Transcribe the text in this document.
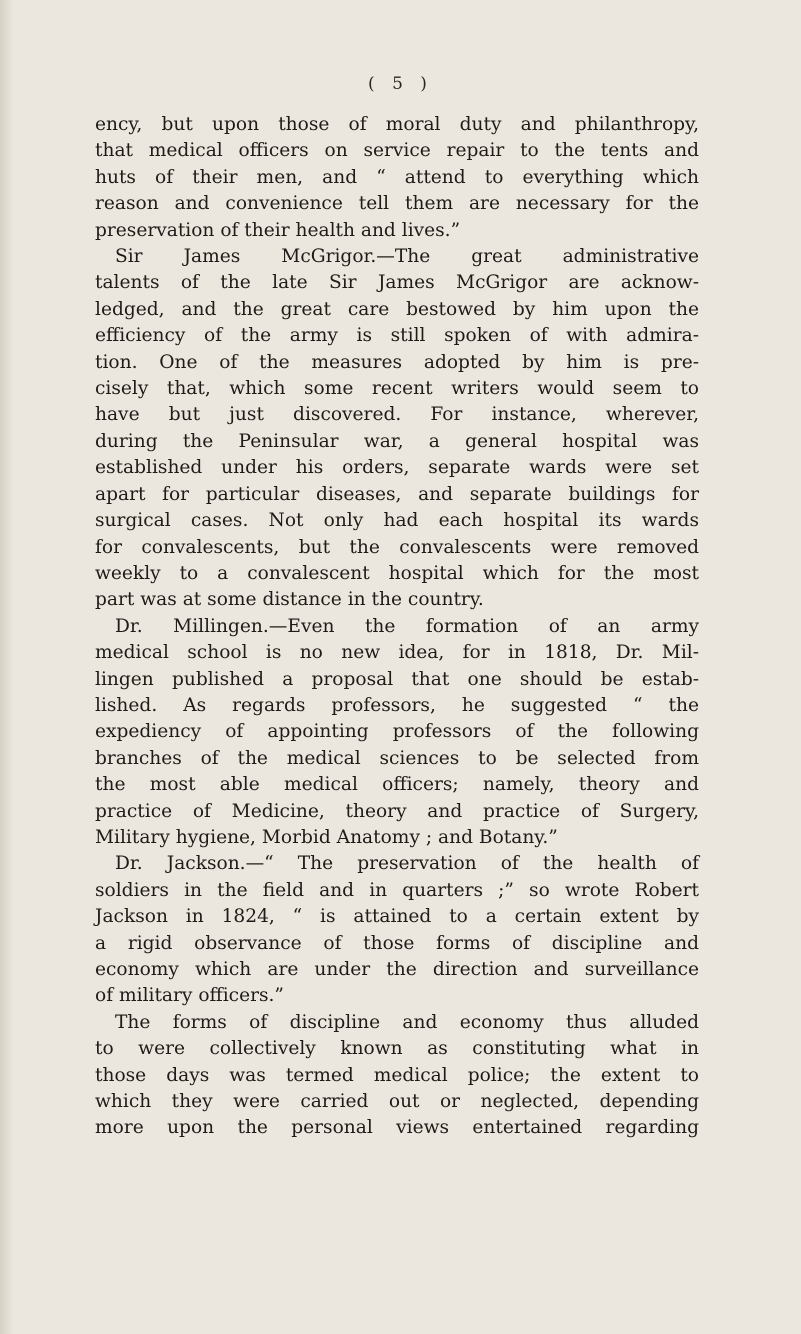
( 5 )
ency, but upon those of moral duty and philanthropy,
that medical officers on service repair to the tents and
huts of their men, and “ attend to everything which
reason and convenience tell them are necessary for the
preservation of their health and lives.”
Sir James McGrigor.—The great administrative
talents of the late Sir James McGrigor are acknow-
ledged, and the great care bestowed by him upon the
efficiency of the army is still spoken of with admira-
tion. One of the measures adopted by him is pre-
cisely that, which some recent writers would seem to
have but just discovered. For instance, wherever,
during the Peninsular war, a general hospital was
established under his orders, separate wards were set
apart for particular diseases, and separate buildings for
surgical cases. Not only had each hospital its wards
for convalescents, but the convalescents were removed
weekly to a convalescent hospital which for the most
part was at some distance in the country.
Dr. Millingen.—Even the formation of an army
medical school is no new idea, for in 1818, Dr. Mil-
lingen published a proposal that one should be estab-
lished. As regards professors, he suggested “ the
expediency of appointing professors of the following
branches of the medical sciences to be selected from
the most able medical officers; namely, theory and
practice of Medicine, theory and practice of Surgery,
Military hygiene, Morbid Anatomy ; and Botany.”
Dr. Jackson.—“ The preservation of the health of
soldiers in the field and in quarters ;” so wrote Robert
Jackson in 1824, “ is attained to a certain extent by
a rigid observance of those forms of discipline and
economy which are under the direction and surveillance
of military officers.”
The forms of discipline and economy thus alluded
to were collectively known as constituting what in
those days was termed medical police; the extent to
which they were carried out or neglected, depending
more upon the personal views entertained regarding
